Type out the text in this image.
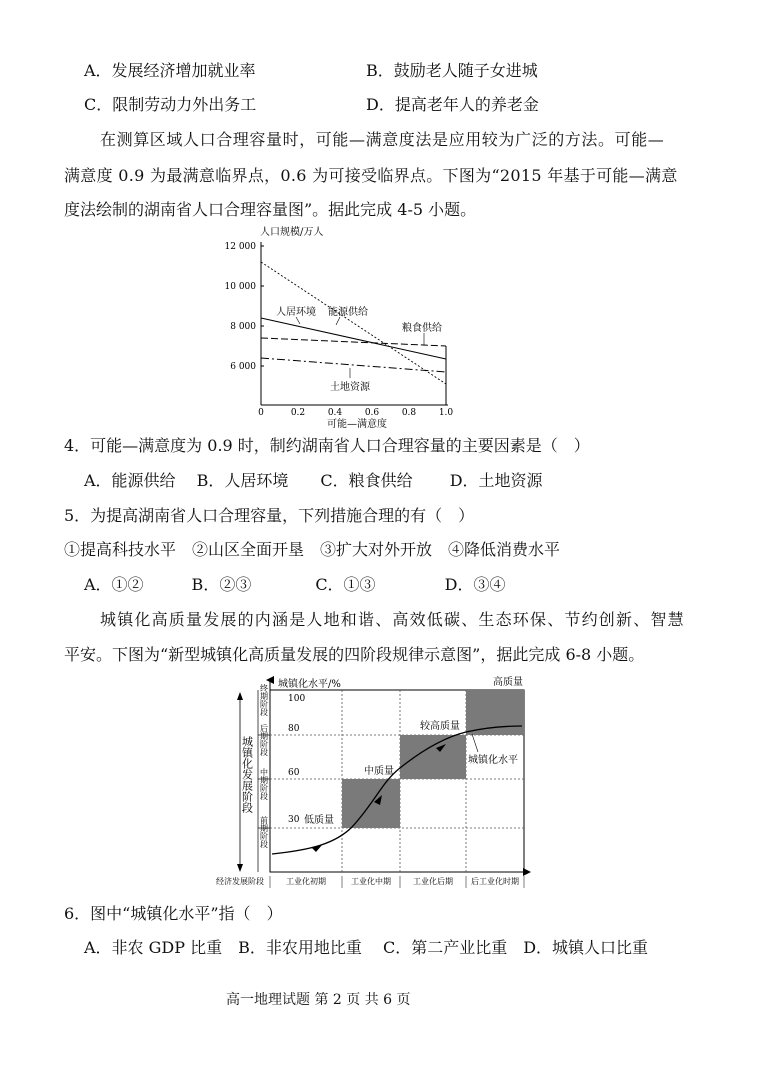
A．发展经济增加就业率	B．鼓励老人随子女进城
C．限制劳动力外出务工	D．提高老年人的养老金
在测算区域人口合理容量时，可能—满意度法是应用较为广泛的方法。可能—
满意度 0.9 为最满意临界点，0.6 为可接受临界点。下图为“2015 年基于可能—满意
度法绘制的湖南省人口合理容量图”。据此完成 4-5 小题。
人口规模/万人
12 000
10 000
8 000
6 000
0	0.2	0.4	0.6	0.8	1.0
可能—满意度
人居环境 能源供给
粮食供给
土地资源
4．可能—满意度为 0.9 时，制约湖南省人口合理容量的主要因素是（　）
A．能源供给　 B．人居环境　　C．粮食供给　　 D．土地资源
5．为提高湖南省人口合理容量，下列措施合理的有（　）
①提高科技水平　②山区全面开垦　③扩大对外开放　④降低消费水平
A．①②　　　B．②③　　　　C．①③　　　　 D．③④
城镇化高质量发展的内涵是人地和谐、高效低碳、生态环保、节约创新、智慧
平安。下图为“新型城镇化高质量发展的四阶段规律示意图”，据此完成 6-8 小题。
城镇化水平/%
终期阶段
后期阶段
中期阶段
前期阶段
城镇化发展阶段
100
80
60
30 低质量
中质量
较高质量
高质量
城镇化水平
经济发展阶段	工业化初期	工业化中期	工业化后期 后工业化时期
6．图中“城镇化水平”指（　）
A．非农 GDP 比重　B．非农用地比重　 C．第二产业比重　D．城镇人口比重
高一地理试题 第 2 页 共 6 页
